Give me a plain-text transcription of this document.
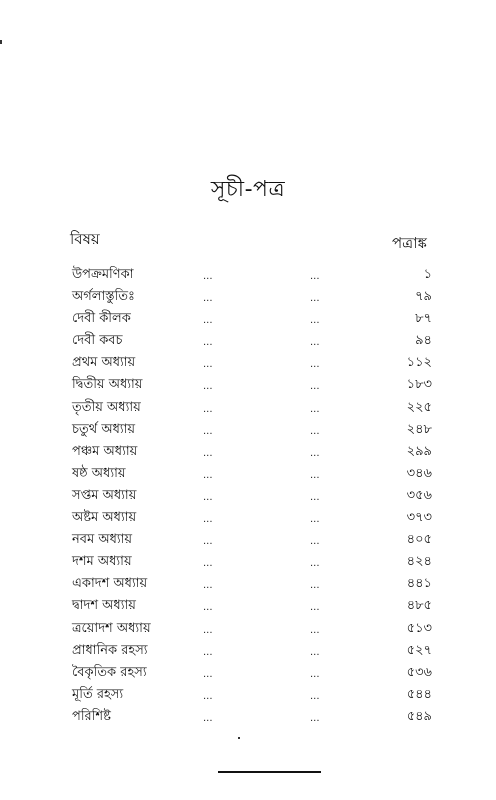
সূচী-পত্র
বিষয়	পত্রাঙ্ক
উপক্রমণিকা	...	...	১
অর্গলাস্তুতিঃ	...	...	৭৯
দেবী কীলক	...	...	৮৭
দেবী কবচ	...	...	৯৪
প্রথম অধ্যায়	...	...	১১২
দ্বিতীয় অধ্যায়	...	...	১৮৩
তৃতীয় অধ্যায়	...	...	২২৫
চতুর্থ অধ্যায়	...	...	২৪৮
পঞ্চম অধ্যায়	...	...	২৯৯
ষষ্ঠ অধ্যায়	...	...	৩৪৬
সপ্তম অধ্যায়	...	...	৩৫৬
অষ্টম অধ্যায়	...	...	৩৭৩
নবম অধ্যায়	...	...	৪০৫
দশম অধ্যায়	...	...	৪২৪
একাদশ অধ্যায়	...	...	৪৪১
দ্বাদশ অধ্যায়	...	...	৪৮৫
ত্রয়োদশ অধ্যায়	...	...	৫১৩
প্রাধানিক রহস্য	...	...	৫২৭
বৈকৃতিক রহস্য	...	...	৫৩৬
মূর্তি রহস্য	...	...	৫৪৪
পরিশিষ্ট	...	...	৫৪৯
